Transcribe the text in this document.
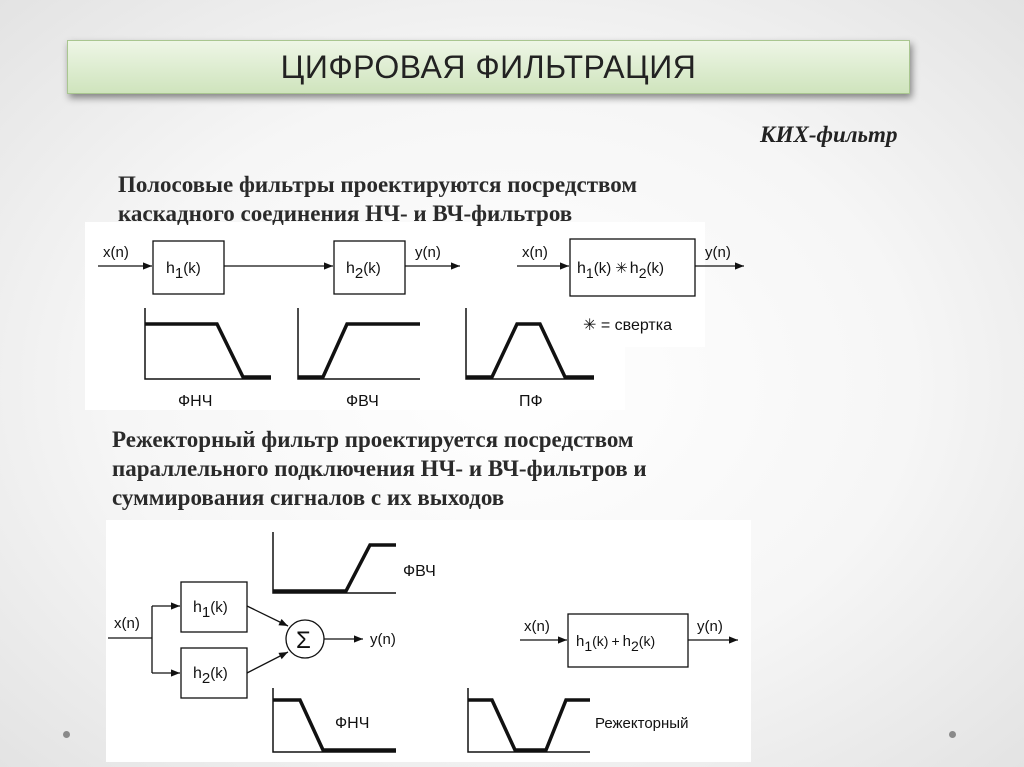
ЦИФРОВАЯ ФИЛЬТРАЦИЯ
КИХ-фильтр
x(n)
h1(k)	h2(k)
y(n)	x(n)
h1(k) ✳ h2(k)
y(n)
✳ = свертка
ФНЧ	ФВЧ	ПФ
Полосовые фильтры проектируются посредством
каскадного соединения НЧ- и ВЧ-фильтров
Режекторный фильтр проектируется посредством
параллельного подключения НЧ- и ВЧ-фильтров и
суммирования сигналов с их выходов
x(n)
h1(k)
h2(k)
Σ	y(n)
ФВЧ
ФНЧ
x(n)
h1(k) + h2(k)
y(n)
Режекторный
